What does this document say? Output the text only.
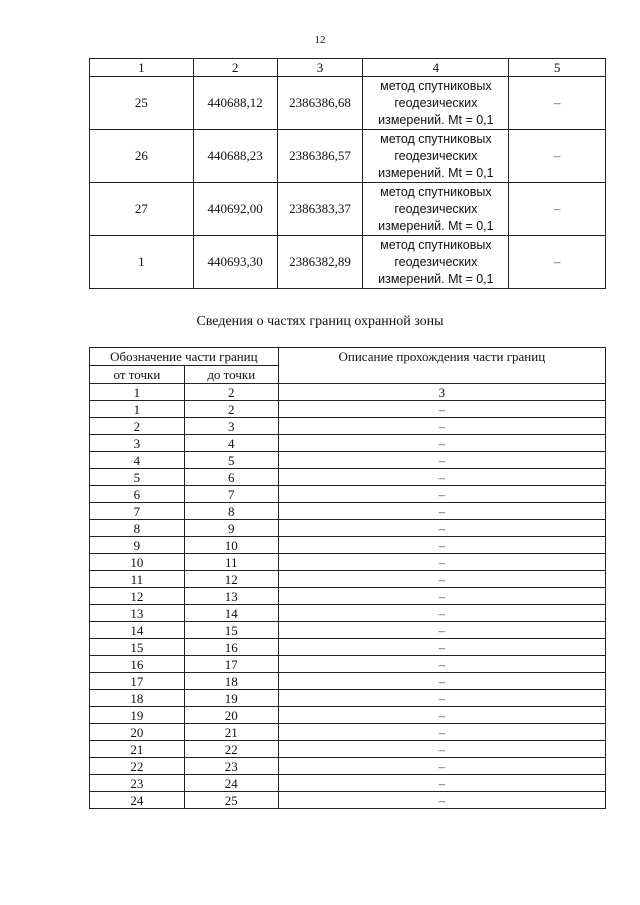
12
1	2	3	4	5
25	440688,12	2386386,68	метод спутниковых геодезических измерений. Mt = 0,1	–
26	440688,23	2386386,57	метод спутниковых геодезических измерений. Mt = 0,1	–
27	440692,00	2386383,37	метод спутниковых геодезических измерений. Mt = 0,1	–
1	440693,30	2386382,89	метод спутниковых геодезических измерений. Mt = 0,1	–
Сведения о частях границ охранной зоны
Обозначение части границ		Описание прохождения части границ
от точки	до точки	
1	2	3
1	2	–
2	3	–
3	4	–
4	5	–
5	6	–
6	7	–
7	8	–
8	9	–
9	10	–
10	11	–
11	12	–
12	13	–
13	14	–
14	15	–
15	16	–
16	17	–
17	18	–
18	19	–
19	20	–
20	21	–
21	22	–
22	23	–
23	24	–
24	25	–
